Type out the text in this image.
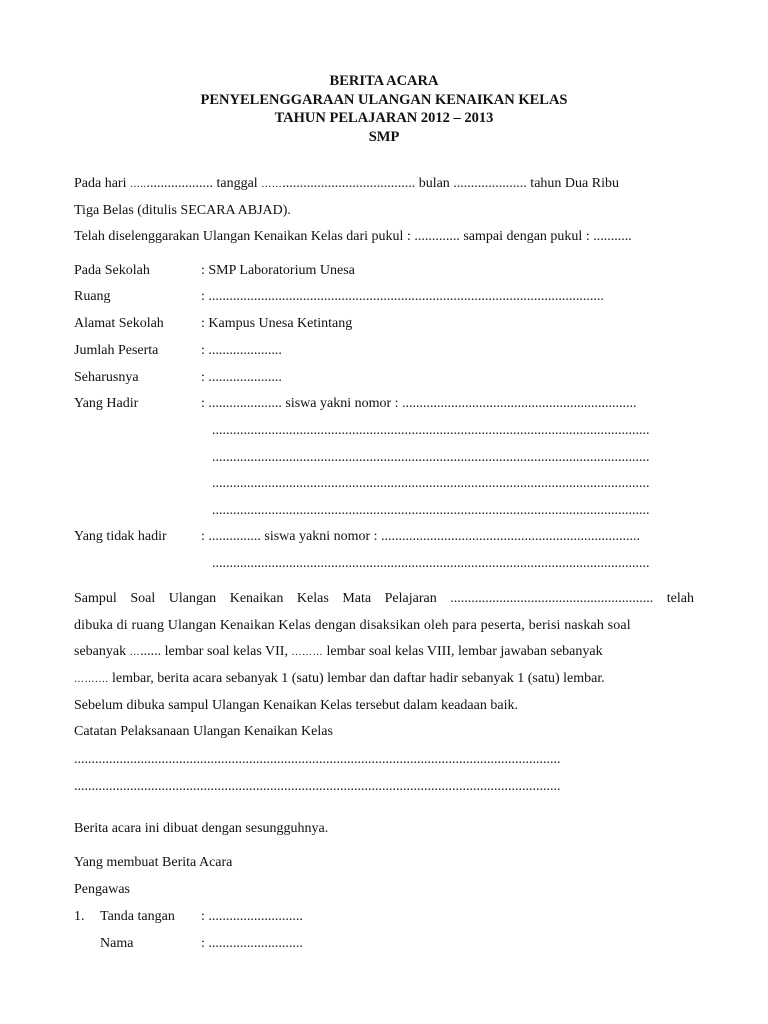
BERITA ACARA
PENYELENGGARAAN ULANGAN KENAIKAN KELAS
TAHUN PELAJARAN 2012 – 2013
SMP
Pada hari …..................... tanggal ……...................................... bulan ..................... tahun Dua Ribu
Tiga Belas (ditulis SECARA ABJAD).
Telah diselenggarakan Ulangan Kenaikan Kelas dari pukul : ............. sampai dengan pukul : ...........
Pada Sekolah	: SMP Laboratorium Unesa
Ruang	: .................................................................................................................
Alamat Sekolah	: Kampus Unesa Ketintang
Jumlah Peserta	: .....................
Seharusnya	: .....................
Yang Hadir	: ..................... siswa yakni nomor : ...................................................................
.............................................................................................................................
.............................................................................................................................
.............................................................................................................................
.............................................................................................................................
Yang tidak hadir : ............... siswa yakni nomor : ..........................................................................
.............................................................................................................................
Sampul Soal Ulangan Kenaikan Kelas Mata Pelajaran .......................................................... telah
dibuka di ruang Ulangan Kenaikan Kelas dengan disaksikan oleh para peserta, berisi naskah soal
sebanyak …...... lembar soal kelas VII, ……… lembar soal kelas VIII, lembar jawaban sebanyak
………. lembar, berita acara sebanyak 1 (satu) lembar dan daftar hadir sebanyak 1 (satu) lembar.
Sebelum dibuka sampul Ulangan Kenaikan Kelas tersebut dalam keadaan baik.
Catatan Pelaksanaan Ulangan Kenaikan Kelas
...........................................................................................................................................
...........................................................................................................................................
Berita acara ini dibuat dengan sesungguhnya.
Yang membuat Berita Acara
Pengawas
1. Tanda tangan : ...........................
Nama	: ...........................
